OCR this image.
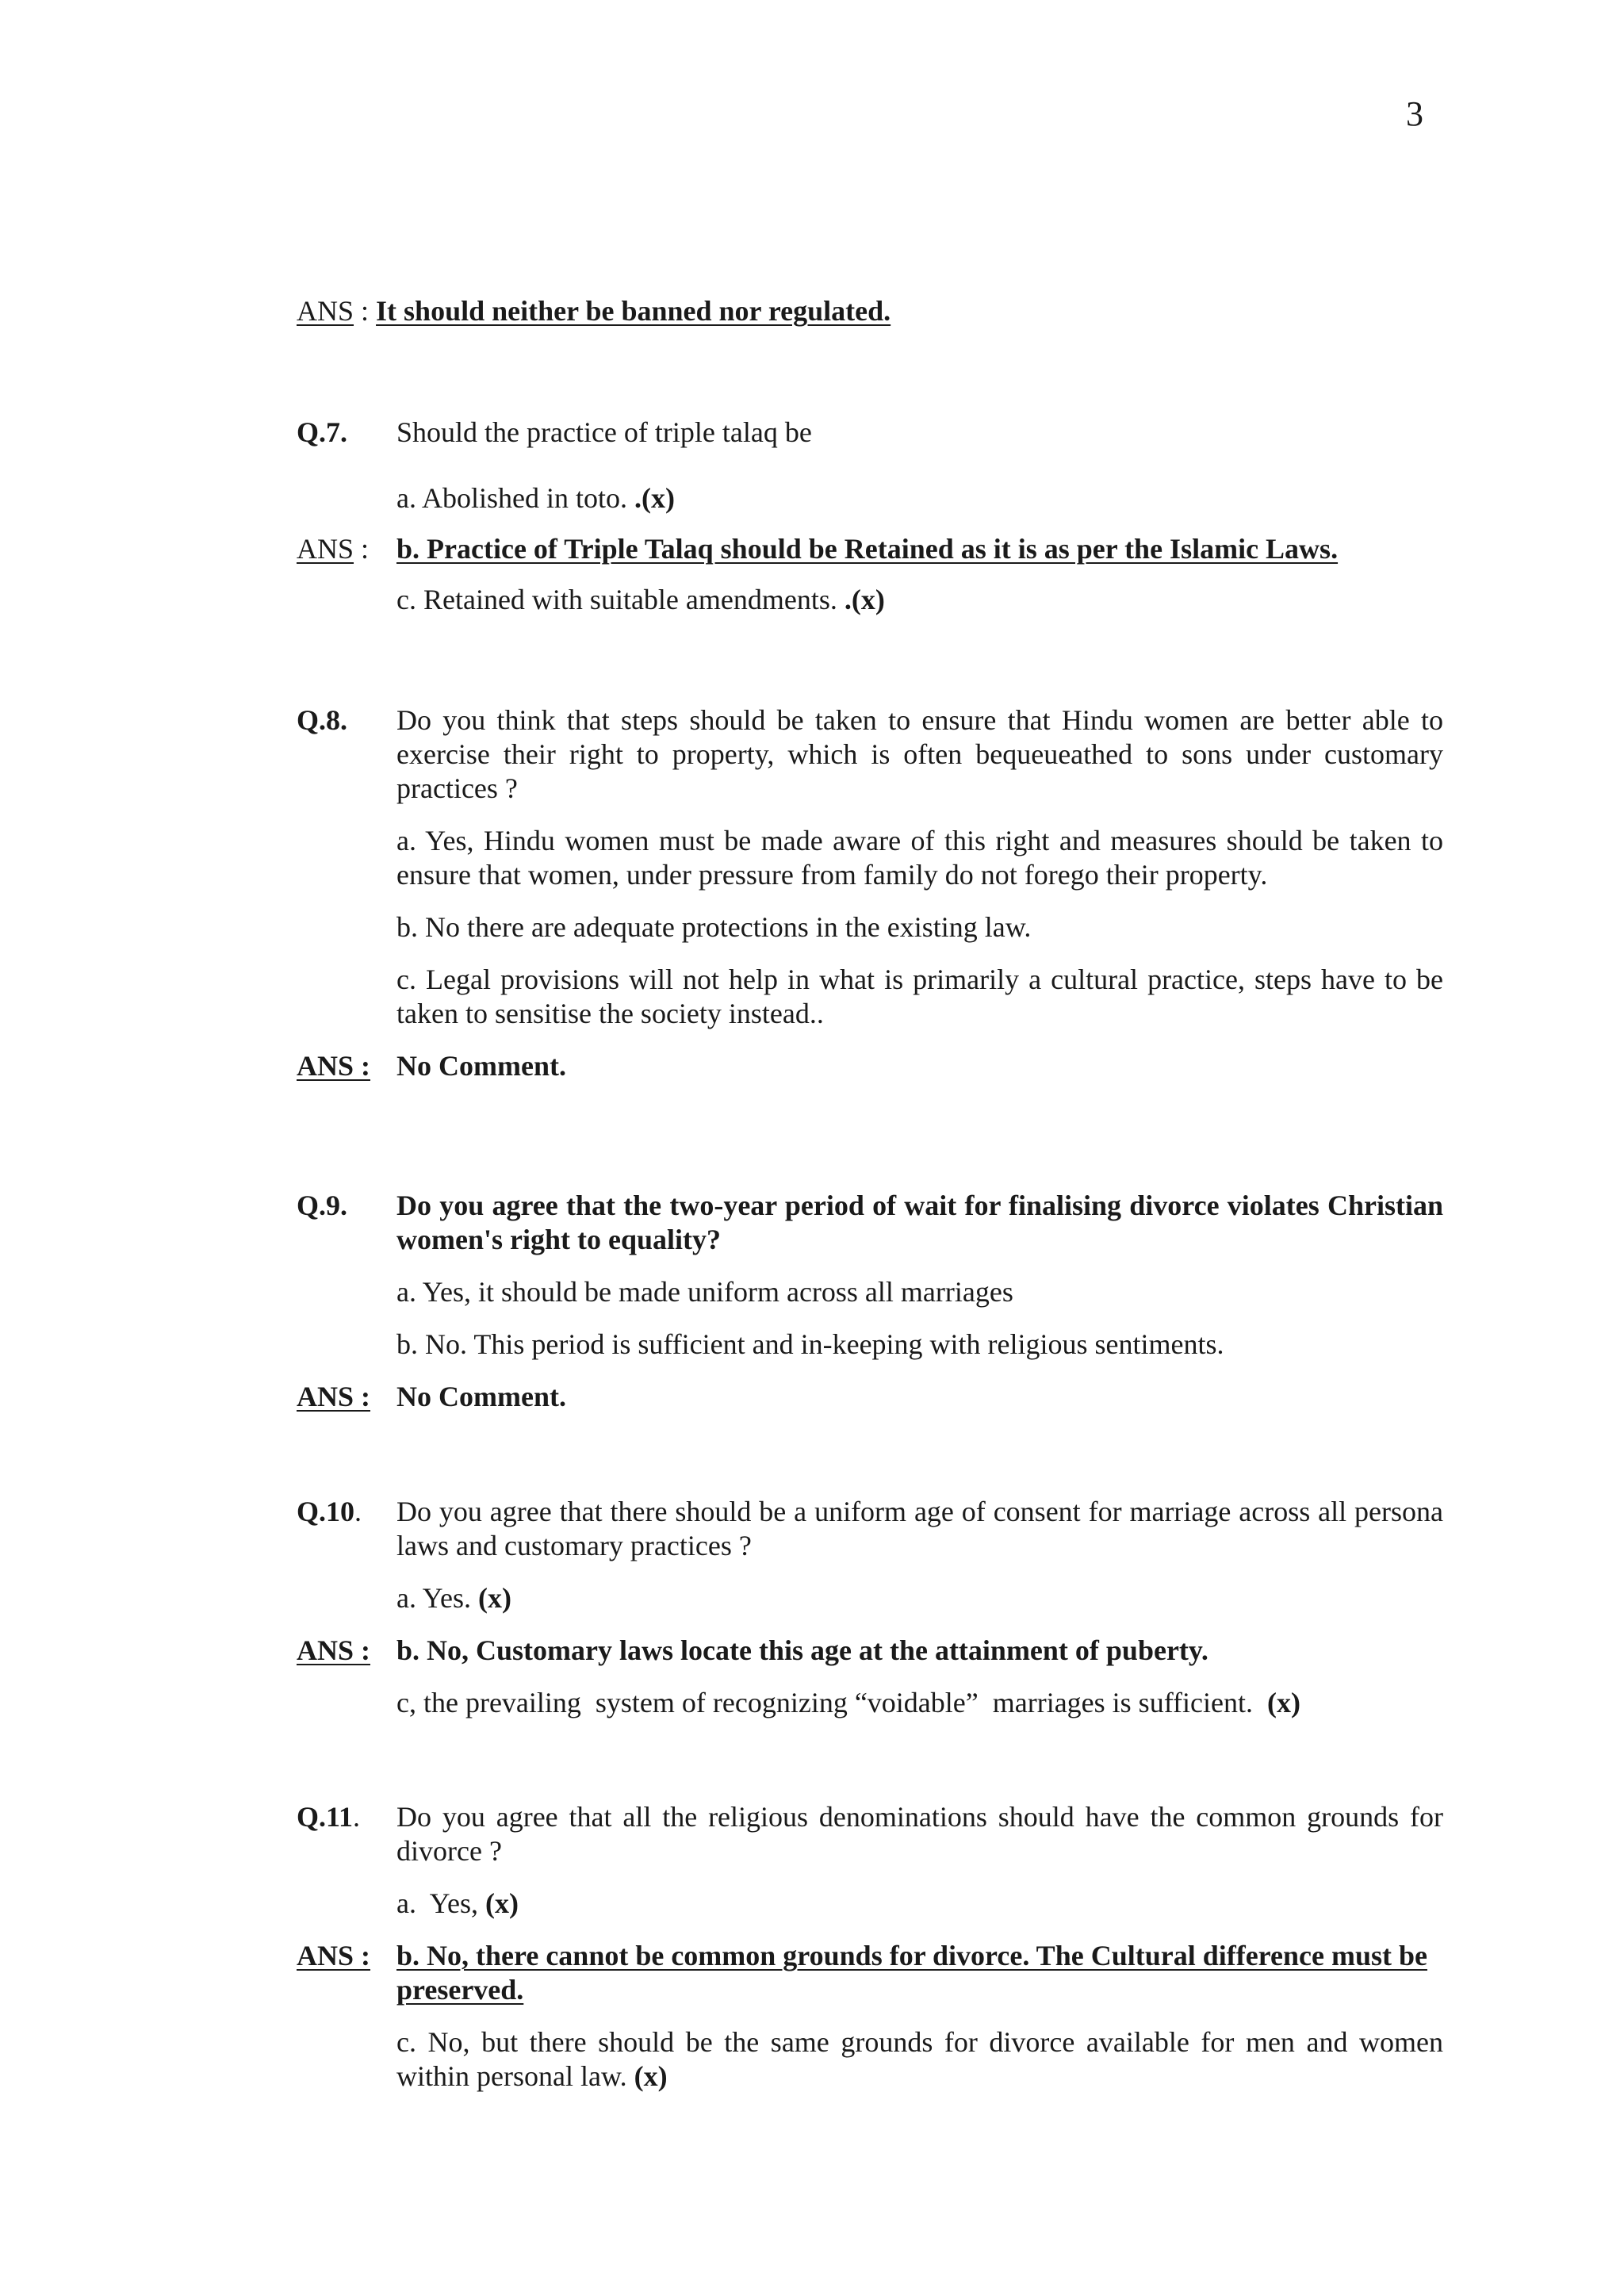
3
ANS : It should neither be banned nor regulated.
Q.7.	Should the practice of triple talaq be
a. Abolished in toto. .(x)
ANS : b. Practice of Triple Talaq should be Retained as it is as per the Islamic Laws.
c. Retained with suitable amendments. .(x)
Q.8.	Do you think that steps should be taken to ensure that Hindu women are better able to exercise their right to property, which is often bequeueathed to sons under customary practices ?
a. Yes, Hindu women must be made aware of this right and measures should be taken to ensure that women, under pressure from family do not forego their property.
b. No there are adequate protections in the existing law.
c. Legal provisions will not help in what is primarily a cultural practice, steps have to be taken to sensitise the society instead..
ANS : No Comment.
Q.9.	Do you agree that the two-year period of wait for finalising divorce violates Christian women's right to equality?
a. Yes, it should be made uniform across all marriages
b. No. This period is sufficient and in-keeping with religious sentiments.
ANS : No Comment.
Q.10.	Do you agree that there should be a uniform age of consent for marriage across all persona laws and customary practices ?
a. Yes. (x)
ANS : b. No, Customary laws locate this age at the attainment of puberty.
c, the prevailing  system of recognizing “voidable”  marriages is sufficient.  (x)
Q.11.	Do you agree that all the religious denominations should have the common grounds for divorce ?
a.  Yes, (x)
ANS : b. No, there cannot be common grounds for divorce. The Cultural difference must be preserved.
c. No, but there should be the same grounds for divorce available for men and women within personal law. (x)
